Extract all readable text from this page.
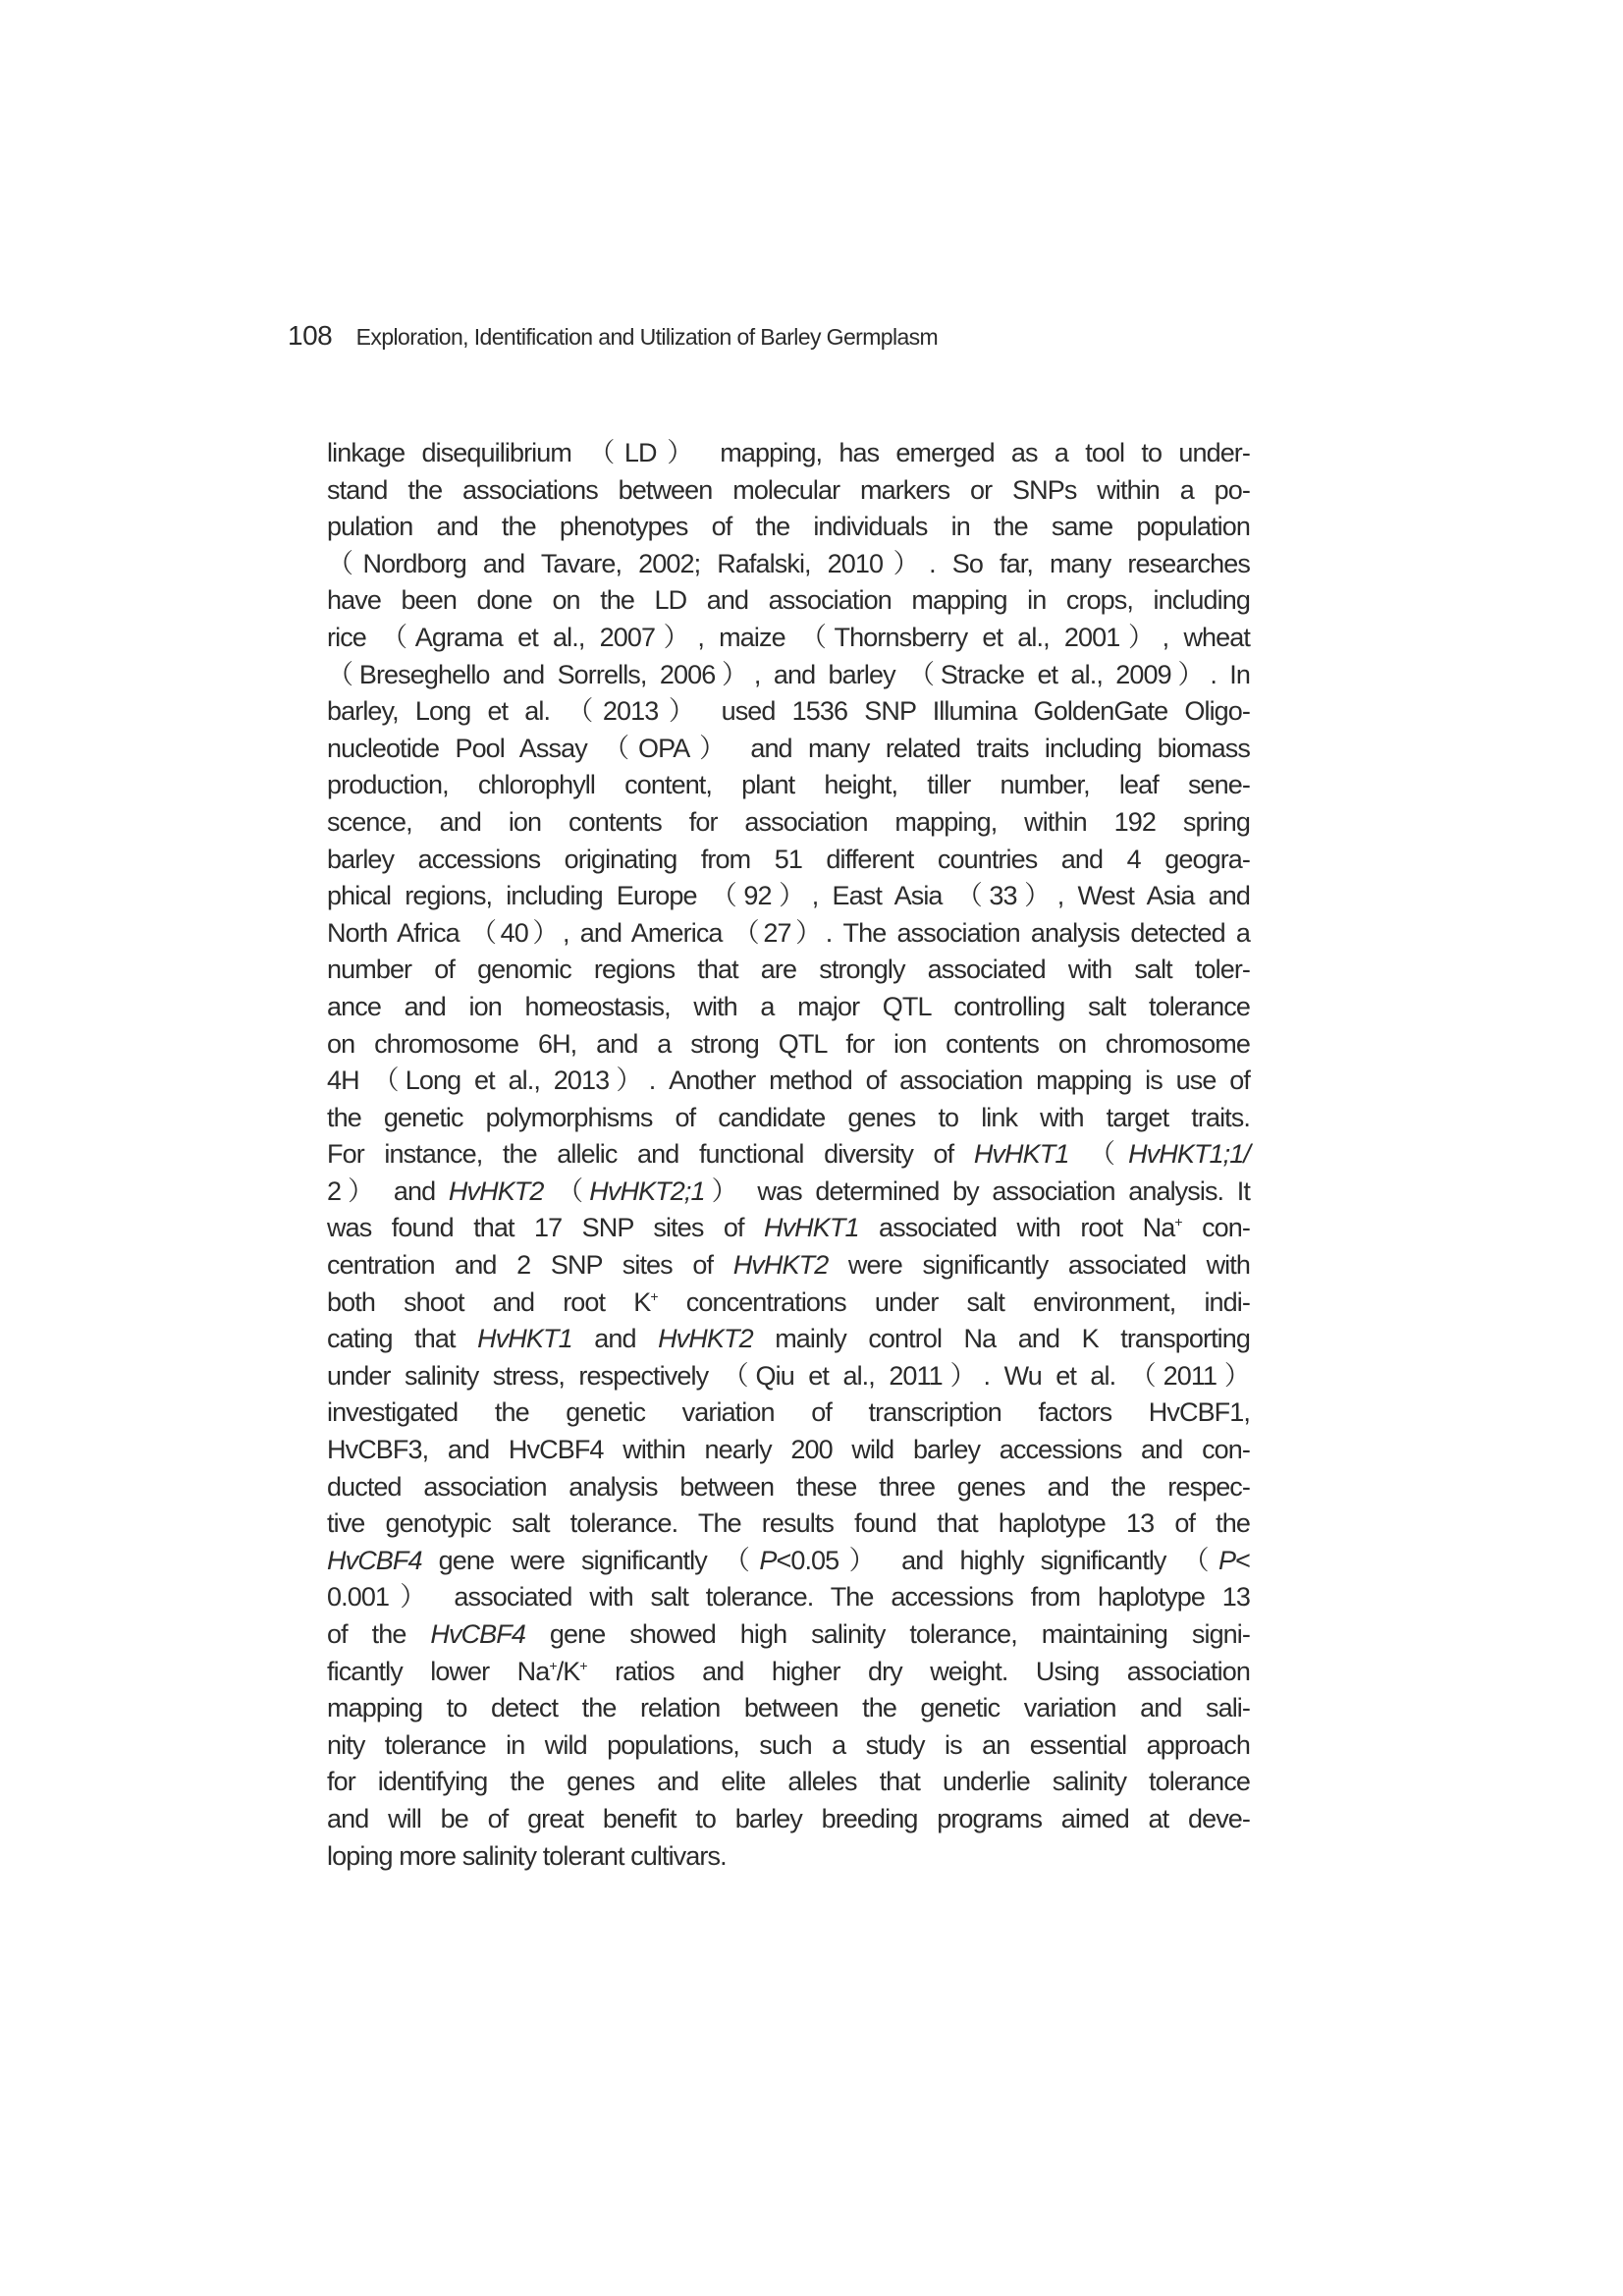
108 Exploration, Identification and Utilization of Barley Germplasm
linkage disequilibrium （LD） mapping, has emerged as a tool to under-
stand the associations between molecular markers or SNPs within a po-
pulation and the phenotypes of the individuals in the same population
（Nordborg and Tavare, 2002; Rafalski, 2010）. So far, many researches
have been done on the LD and association mapping in crops, including
rice （Agrama et al., 2007）, maize （Thornsberry et al., 2001）, wheat
（Breseghello and Sorrells, 2006）, and barley （Stracke et al., 2009）. In
barley, Long et al. （2013） used 1536 SNP Illumina GoldenGate Oligo-
nucleotide Pool Assay （OPA） and many related traits including biomass
production, chlorophyll content, plant height, tiller number, leaf sene-
scence, and ion contents for association mapping, within 192 spring
barley accessions originating from 51 different countries and 4 geogra-
phical regions, including Europe （92）, East Asia （33）, West Asia and
North Africa （40）, and America （27）. The association analysis detected a
number of genomic regions that are strongly associated with salt toler-
ance and ion homeostasis, with a major QTL controlling salt tolerance
on chromosome 6H, and a strong QTL for ion contents on chromosome
4H （Long et al., 2013）. Another method of association mapping is use of
the genetic polymorphisms of candidate genes to link with target traits.
For instance, the allelic and functional diversity of HvHKT1 （HvHKT1;1/
2） and HvHKT2 （HvHKT2;1） was determined by association analysis. It
was found that 17 SNP sites of HvHKT1 associated with root Na+ con-
centration and 2 SNP sites of HvHKT2 were significantly associated with
both shoot and root K+ concentrations under salt environment, indi-
cating that HvHKT1 and HvHKT2 mainly control Na and K transporting
under salinity stress, respectively （Qiu et al., 2011）. Wu et al. （2011）
investigated the genetic variation of transcription factors HvCBF1,
HvCBF3, and HvCBF4 within nearly 200 wild barley accessions and con-
ducted association analysis between these three genes and the respec-
tive genotypic salt tolerance. The results found that haplotype 13 of the
HvCBF4 gene were significantly （P<0.05） and highly significantly （P<
0.001） associated with salt tolerance. The accessions from haplotype 13
of the HvCBF4 gene showed high salinity tolerance, maintaining signi-
ficantly lower Na+/K+ ratios and higher dry weight. Using association
mapping to detect the relation between the genetic variation and sali-
nity tolerance in wild populations, such a study is an essential approach
for identifying the genes and elite alleles that underlie salinity tolerance
and will be of great benefit to barley breeding programs aimed at deve-
loping more salinity tolerant cultivars.
